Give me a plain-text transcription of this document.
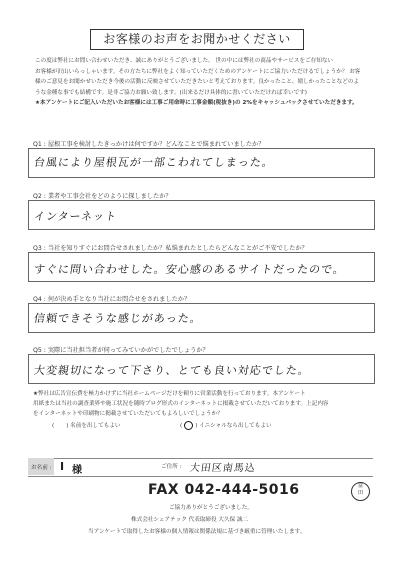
お客様のお声をお聞かせください
この度は弊社にお問い合わせいただき、誠にありがとうございました。 世の中には弊社の商品やサービスをご存知ない
お客様が沢山いらっしゃいます。その方たちに弊社をよく知っていただくためのアンケートにご協力いただけるでしょうか？ お客
様のご意見をお聞かせいただき今後の活動に反映させていただきたいと考えております。良かったこと、嬉しかったことなどのよ
うな金種な事でも結構です。是非ご協力お願い致します。(出来るだけ具体的に書いていただければ幸いです)
★本アンケートにご記入いただいたお客様には工事ご用命時に工事金額(税抜き)の 2%をキャッシュバックさせていただきます。
Q1 : 屋根工事を検討したきっかけは何ですか？どんなことで悩まれていましたか？
台風により屋根瓦が一部こわれてしまった。
Q2 : 業者や工事会社をどのように探しましたか？
インターネット
Q3 : 当社を知りすぐにお問合せされましたか？私悩まれたとしたらどんなことがご不安でしたか？
すぐに問い合わせした。安心感のあるサイトだったので。
Q4 : 何が決め手となり当社にお問合せをされましたか？
信頼できそうな感じがあった。
Q5 : 実際に当社担当者が伺ってみていかがでしたでしょうか？
大変親切になって下さり、とても良い対応でした。
★弊社は広告宣伝費を極力かけずに当社ホームページだけを頼りに営業活動を行っております。本アンケート
用紙または当社の調査業界や施工状況を随時ブログ形式のインターネットに掲載させていただいております。上記内容
をインターネットや印刷物に掲載させていただいてもよろしいでしょうか？
( ) 名前を出してもよい	( ) イニシャルなら出してもよい
お名前 : I 様	ご住所 : 大田区南馬込
FAX 042-444-5016	富
田
ご協力ありがとうございました。
株式会社シェアテック 代表取締役 大久保 誠二
当アンケートで取得したお客様の個人情報は関係法規に基づき厳重に管理いたします。
